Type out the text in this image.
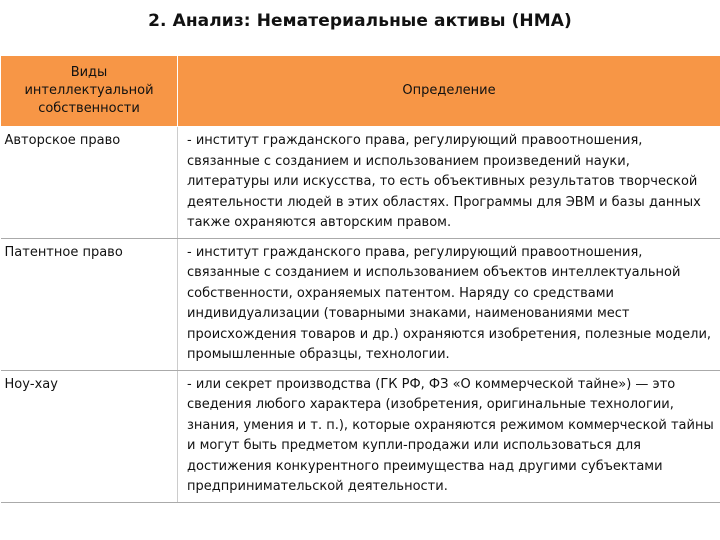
2. Анализ: Нематериальные активы (НМА)
Виды интеллектуальной собственности	Определение
Авторское право	- институт гражданского права, регулирующий правоотношения, связанные с созданием и использованием произведений науки, литературы или искусства, то есть объективных результатов творческой деятельности людей в этих областях. Программы для ЭВМ и базы данных также охраняются авторским правом.
Патентное право	- институт гражданского права, регулирующий правоотношения, связанные с созданием и использованием объектов интеллектуальной собственности, охраняемых патентом. Наряду со средствами индивидуализации (товарными знаками, наименованиями мест происхождения товаров и др.) охраняются изобретения, полезные модели, промышленные образцы, технологии.
Ноу-хау	- или секрет производства (ГК РФ, ФЗ «О коммерческой тайне») — это сведения любого характера (изобретения, оригинальные технологии, знания, умения и т. п.), которые охраняются режимом коммерческой тайны и могут быть предметом купли-продажи или использоваться для достижения конкурентного преимущества над другими субъектами предпринимательской деятельности.
